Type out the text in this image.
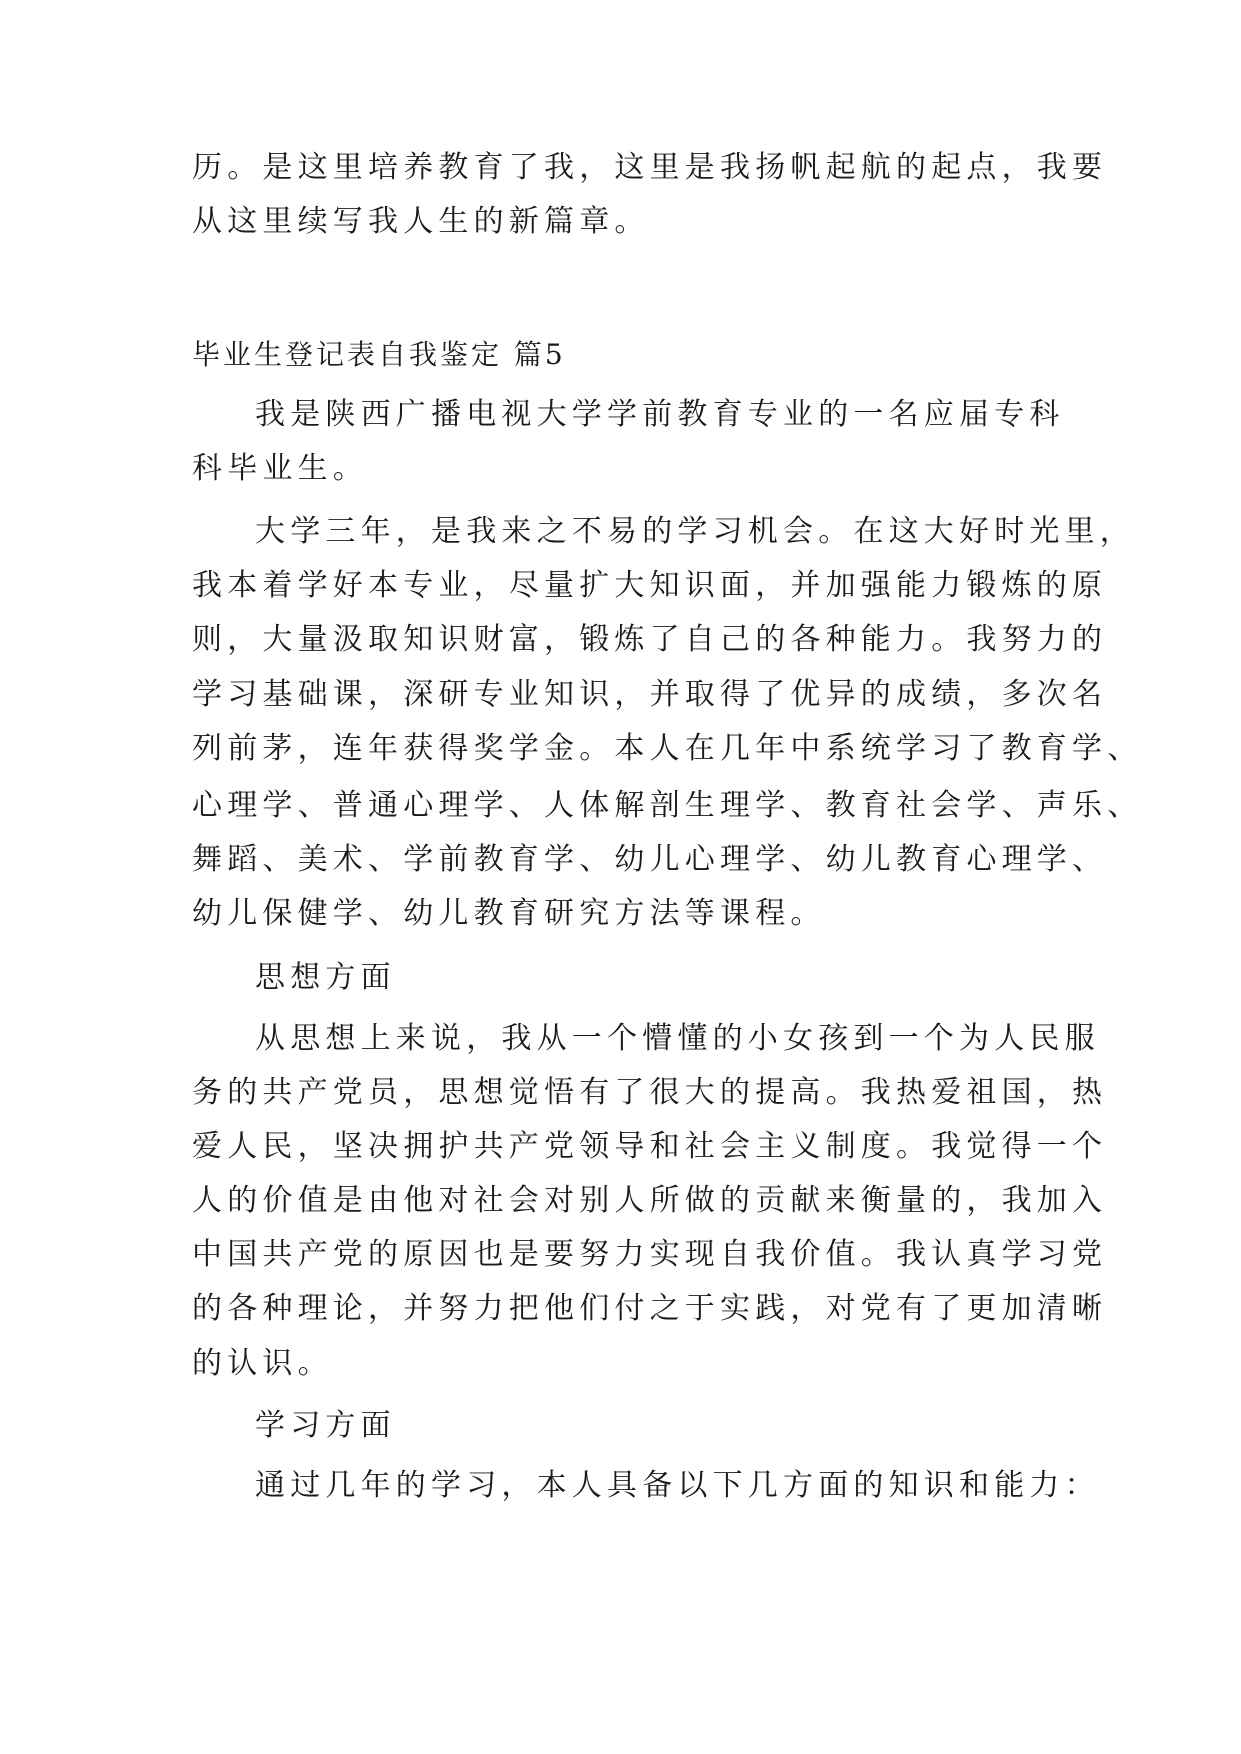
历。是这里培养教育了我，这里是我扬帆起航的起点，我要
从这里续写我人生的新篇章。
毕业生登记表自我鉴定 篇5
我是陕西广播电视大学学前教育专业的一名应届专科
科毕业生。
大学三年，是我来之不易的学习机会。在这大好时光里，
我本着学好本专业，尽量扩大知识面，并加强能力锻炼的原
则，大量汲取知识财富，锻炼了自己的各种能力。我努力的
学习基础课，深研专业知识，并取得了优异的成绩，多次名
列前茅，连年获得奖学金。本人在几年中系统学习了教育学、
心理学、普通心理学、人体解剖生理学、教育社会学、声乐、
舞蹈、美术、学前教育学、幼儿心理学、幼儿教育心理学、
幼儿保健学、幼儿教育研究方法等课程。
思想方面
从思想上来说，我从一个懵懂的小女孩到一个为人民服
务的共产党员，思想觉悟有了很大的提高。我热爱祖国，热
爱人民，坚决拥护共产党领导和社会主义制度。我觉得一个
人的价值是由他对社会对别人所做的贡献来衡量的，我加入
中国共产党的原因也是要努力实现自我价值。我认真学习党
的各种理论，并努力把他们付之于实践，对党有了更加清晰
的认识。
学习方面
通过几年的学习，本人具备以下几方面的知识和能力：
